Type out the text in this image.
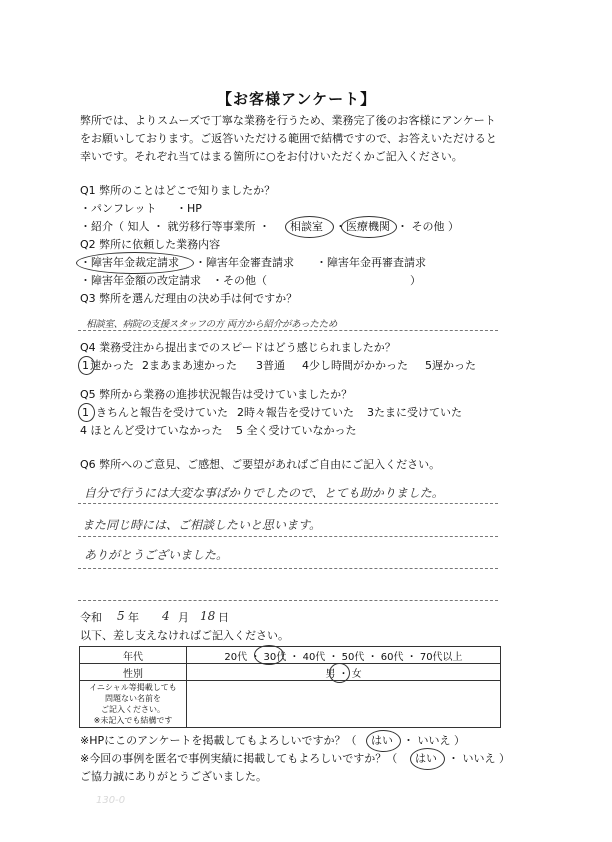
【お客様アンケート】
弊所では、よりスムーズで丁寧な業務を行うため、業務完了後のお客様にアンケート
をお願いしております。ご返答いただける範囲で結構ですので、お答えいただけると
幸いです。それぞれ当てはまる箇所に○をお付けいただくかご記入ください。
Q1 弊所のことはどこで知りましたか？
・パンフレット ・HP
・紹介（ 知人 ・ 就労移行等事業所 ・ 相談室 ・ 医療機関 ・ その他 ）
Q2 弊所に依頼した業務内容
・障害年金裁定請求 ・障害年金審査請求 ・障害年金再審査請求
・障害年金額の改定請求 ・その他（	）
Q3 弊所を選んだ理由の決め手は何ですか？
相談室、病院の支援スタッフの方 両方から紹介があったため
Q4 業務受注から提出までのスピードはどう感じられましたか？
1 速かった 2まあまあ速かった 3普通 4少し時間がかかった 5遅かった
Q5 弊所から業務の進捗状況報告は受けていましたか？
1 きちんと報告を受けていた 2時々報告を受けていた 3たまに受けていた
4 ほとんど受けていなかった 5 全く受けていなかった
Q6 弊所へのご意見、ご感想、ご要望があればご自由にご記入ください。
自分で行うには大変な事ばかりでしたので、とても助かりました。
また同じ時には、ご相談したいと思います。
ありがとうございました。
令和 5 年 4 月 18 日
以下、差し支えなければご記入ください。
年代	20代 ・ 30代 ・ 40代 ・ 50代 ・ 60代 ・ 70代以上
性別	男 ・ 女

イニシャル等掲載しても
問題ない名前を
ご記入ください。
※未記入でも結構です	

※HPにこのアンケートを掲載してもよろしいですか？（ はい ・ いいえ ）
※今回の事例を匿名で事例実績に掲載してもよろしいですか？（ はい ・ いいえ ）
ご協力誠にありがとうございました。
130-0
